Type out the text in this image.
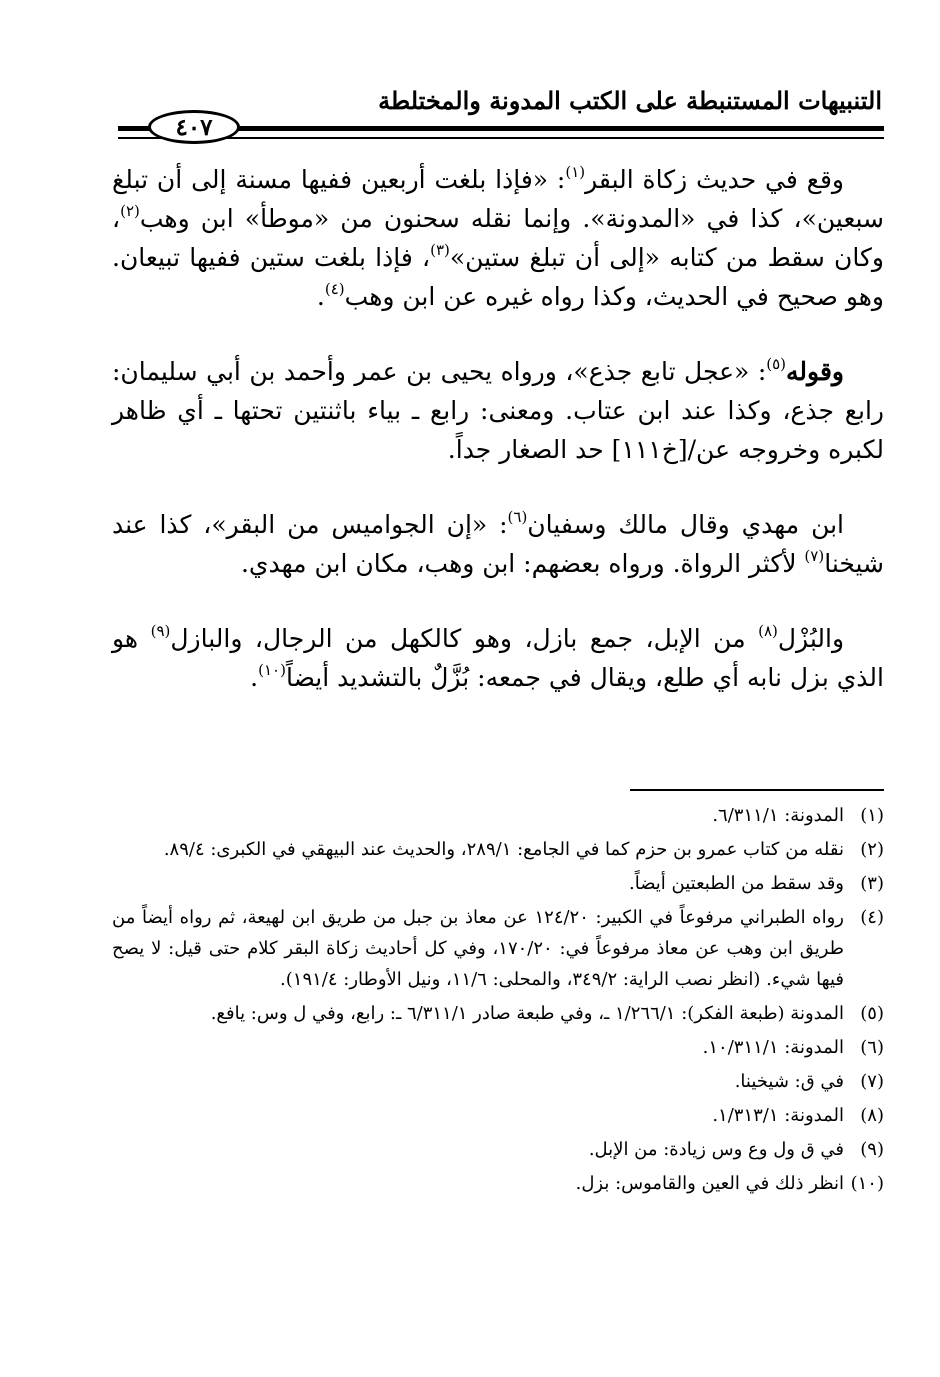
التنبيهات المستنبطة على الكتب المدونة والمختلطة
٤٠٧

وقع في حديث زكاة البقر$^{(١)}$: «فإذا بلغت أربعين ففيها مسنة إلى أن تبلغ سبعين»، كذا في «المدونة». وإنما نقله سحنون من «موطأ» ابن وهب$^{(٢)}$، وكان سقط من كتابه «إلى أن تبلغ ستين»$^{(٣)}$، فإذا بلغت ستين ففيها تبيعان. وهو صحيح في الحديث، وكذا رواه غيره عن ابن وهب$^{(٤)}$.

وقوله$^{(٥)}$: «عجل تابع جذع»، ورواه يحيى بن عمر وأحمد بن أبي سليمان: رابع جذع، وكذا عند ابن عتاب. ومعنى: رابع ـ بياء باثنتين تحتها ـ أي ظاهر لكبره وخروجه عن/[خ١١١] حد الصغار جداً.

ابن مهدي وقال مالك وسفيان$^{(٦)}$: «إن الجواميس من البقر»، كذا عند شيخنا$^{(٧)}$ لأكثر الرواة. ورواه بعضهم: ابن وهب، مكان ابن مهدي.

والبُزْل$^{(٨)}$ من الإبل، جمع بازل، وهو كالكهل من الرجال، والبازل$^{(٩)}$ هو الذي بزل نابه أي طلع، ويقال في جمعه: بُزَّلٌ بالتشديد أيضاً$^{(١٠)}$.

(١)
المدونة: ٦/٣١١/١.
(٢)
نقله من كتاب عمرو بن حزم كما في الجامع: ٢٨٩/١، والحديث عند البيهقي في الكبرى: ٨٩/٤.
(٣)
وقد سقط من الطبعتين أيضاً.
(٤)
رواه الطبراني مرفوعاً في الكبير: ١٢٤/٢٠ عن معاذ بن جبل من طريق ابن لهيعة، ثم رواه أيضاً من طريق ابن وهب عن معاذ مرفوعاً في: ١٧٠/٢٠، وفي كل أحاديث زكاة البقر كلام حتى قيل: لا يصح فيها شيء. (انظر نصب الراية: ٣٤٩/٢، والمحلى: ١١/٦، ونيل الأوطار: ١٩١/٤).
(٥)
المدونة (طبعة الفكر): ١/٢٦٦/١ ـ، وفي طبعة صادر ٦/٣١١/١ ـ: رابع، وفي ل وس: يافع.
(٦)
المدونة: ١٠/٣١١/١.
(٧)
في ق: شيخينا.
(٨)
المدونة: ١/٣١٣/١.
(٩)
في ق ول وع وس زيادة: من الإبل.
(١٠)
انظر ذلك في العين والقاموس: بزل.
